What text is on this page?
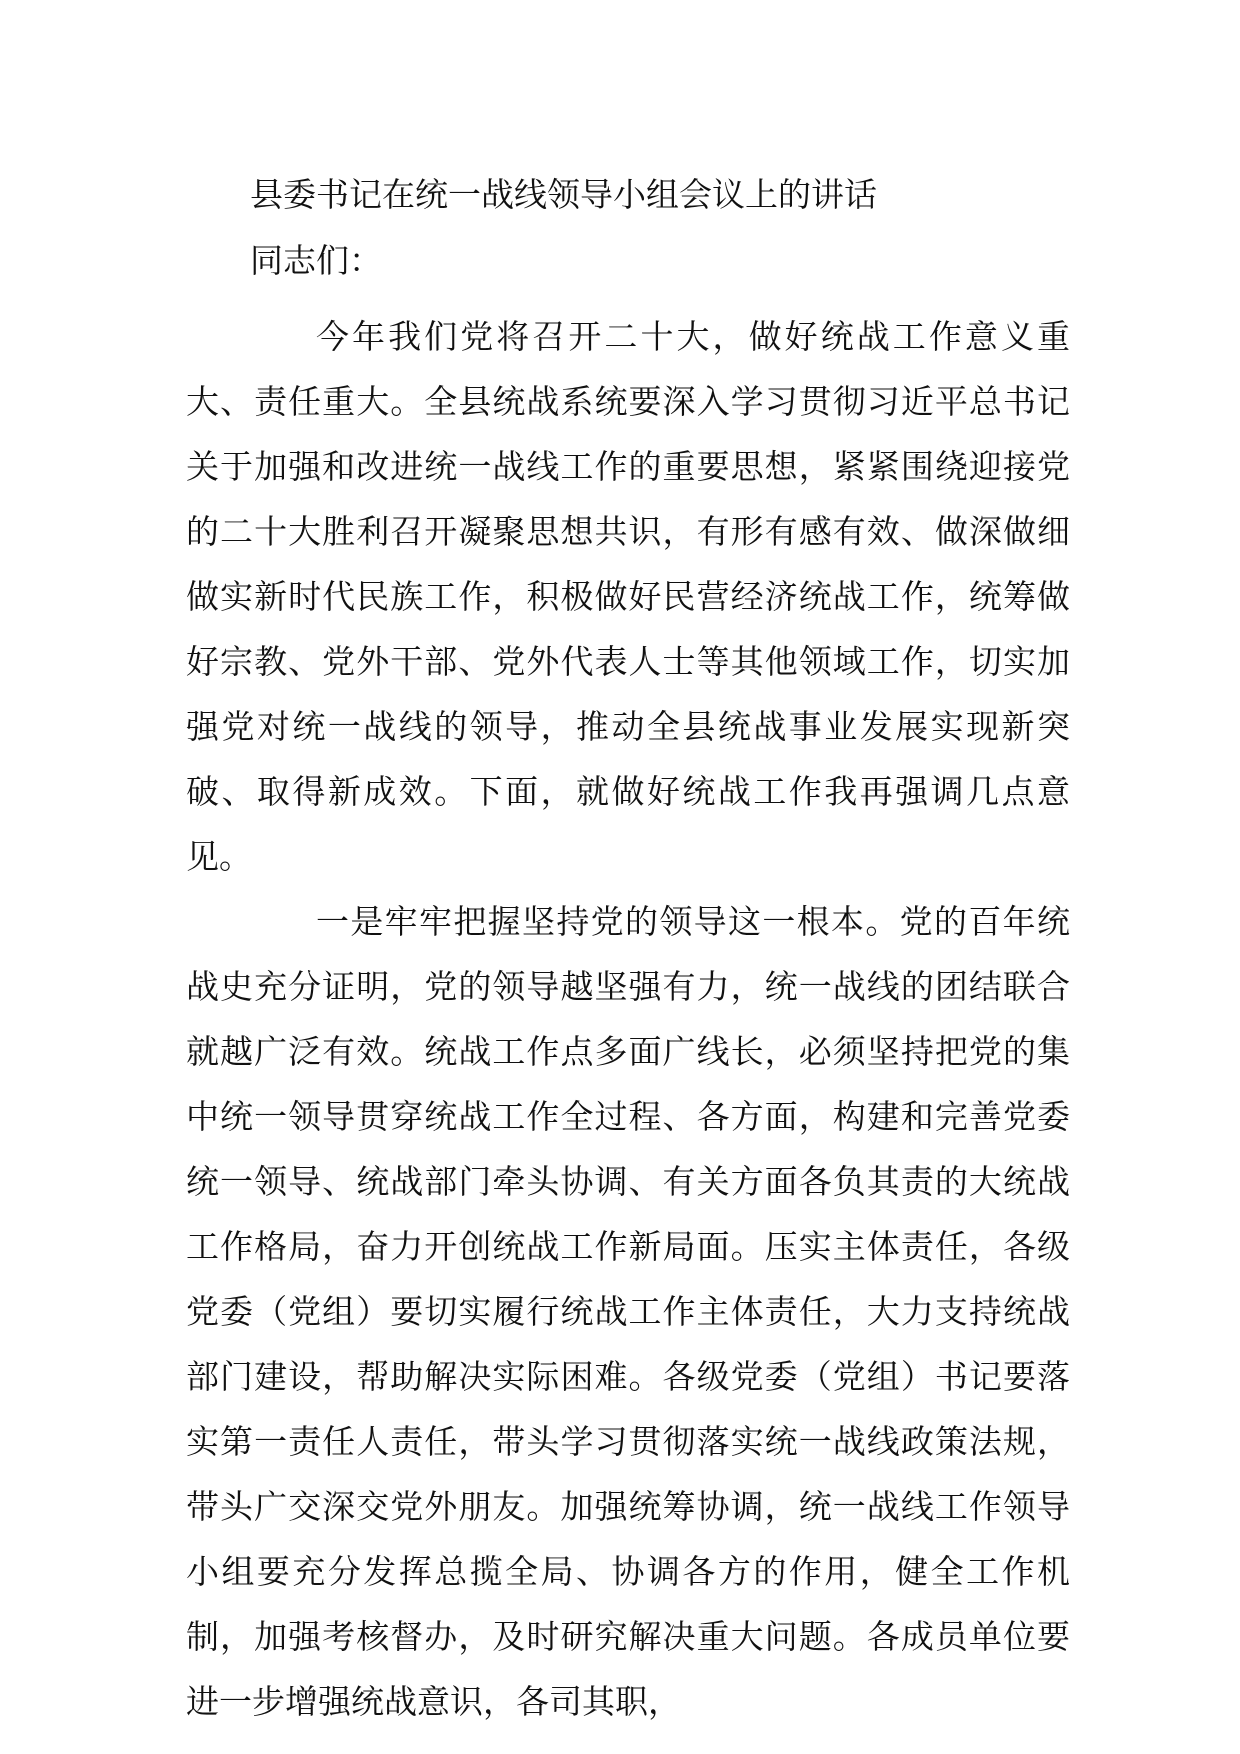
县委书记在统一战线领导小组会议上的讲话
同志们：

今年我们党将召开二十大，做好统战工作意义重大、责任重大。全县统战系统要深入学习贯彻习近平总书记关于加强和改进统一战线工作的重要思想，紧紧围绕迎接党的二十大胜利召开凝聚思想共识，有形有感有效、做深做细做实新时代民族工作，积极做好民营经济统战工作，统筹做好宗教、党外干部、党外代表人士等其他领域工作，切实加强党对统一战线的领导，推动全县统战事业发展实现新突破、取得新成效。下面，就做好统战工作我再强调几点意见。

一是牢牢把握坚持党的领导这一根本。党的百年统战史充分证明，党的领导越坚强有力，统一战线的团结联合就越广泛有效。统战工作点多面广线长，必须坚持把党的集中统一领导贯穿统战工作全过程、各方面，构建和完善党委统一领导、统战部门牵头协调、有关方面各负其责的大统战工作格局，奋力开创统战工作新局面。压实主体责任，各级党委（党组）要切实履行统战工作主体责任，大力支持统战部门建设，帮助解决实际困难。各级党委（党组）书记要落实第一责任人责任，带头学习贯彻落实统一战线政策法规，带头广交深交党外朋友。加强统筹协调，统一战线工作领导小组要充分发挥总揽全局、协调各方的作用，健全工作机制，加强考核督办，及时研究解决重大问题。各成员单位要进一步增强统战意识，各司其职，
